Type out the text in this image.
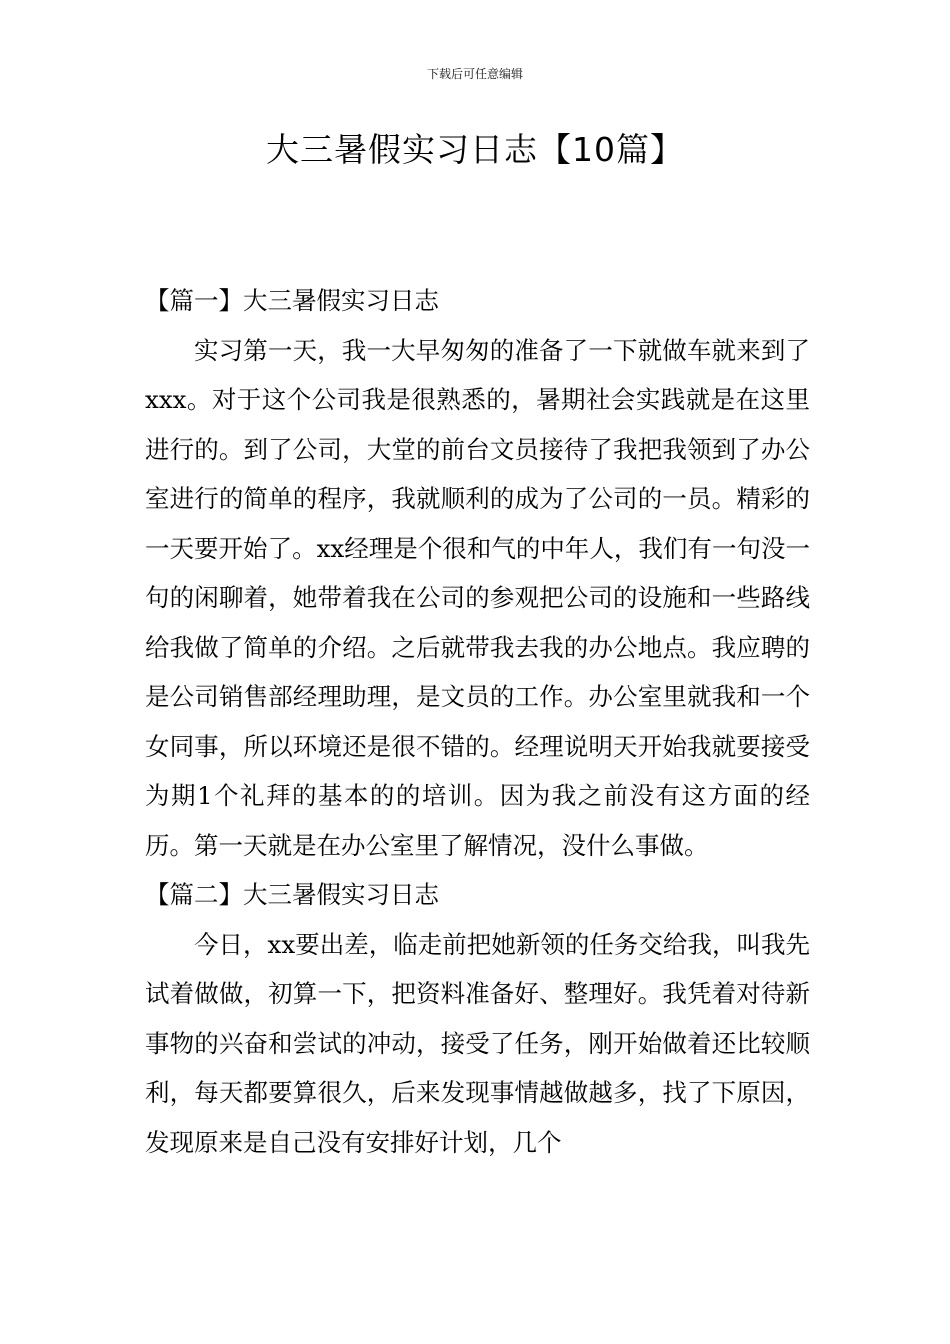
下载后可任意编辑
大三暑假实习日志【10篇】
【篇一】大三暑假实习日志

实习第一天，我一大早匆匆的准备了一下就做车就来到了xxx。对于这个公司我是很熟悉的，暑期社会实践就是在这里进行的。到了公司，大堂的前台文员接待了我把我领到了办公室进行的简单的程序，我就顺利的成为了公司的一员。精彩的一天要开始了。xx经理是个很和气的中年人，我们有一句没一句的闲聊着，她带着我在公司的参观把公司的设施和一些路线给我做了简单的介绍。之后就带我去我的办公地点。我应聘的是公司销售部经理助理，是文员的工作。办公室里就我和一个女同事，所以环境还是很不错的。经理说明天开始我就要接受为期1个礼拜的基本的的培训。因为我之前没有这方面的经历。第一天就是在办公室里了解情况，没什么事做。

【篇二】大三暑假实习日志

今日，xx要出差，临走前把她新领的任务交给我，叫我先试着做做，初算一下，把资料准备好、整理好。我凭着对待新事物的兴奋和尝试的冲动，接受了任务，刚开始做着还比较顺利，每天都要算很久，后来发现事情越做越多，找了下原因，发现原来是自己没有安排好计划，几个
